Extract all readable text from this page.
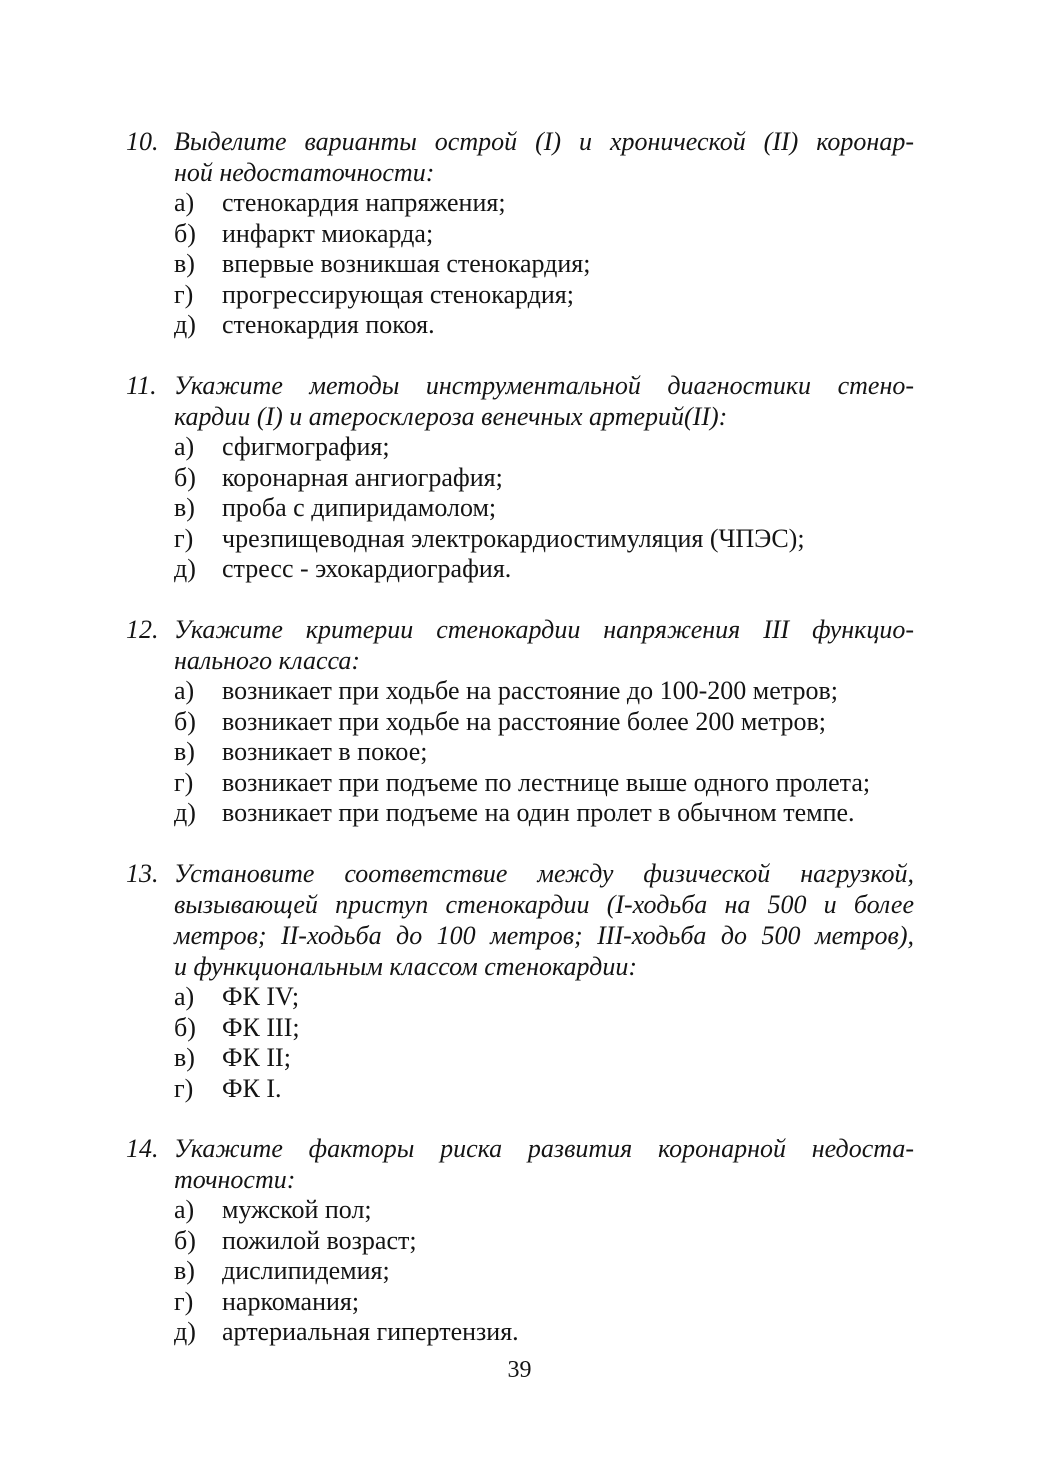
10. Выделите варианты острой (I) и хронической (II) коронар-
ной недостаточности:
а) стенокардия напряжения;
б) инфаркт миокарда;
в) впервые возникшая стенокардия;
г) прогрессирующая стенокардия;
д) стенокардия покоя.
11. Укажите методы инструментальной диагностики стено-
кардии (I) и атеросклероза венечных артерий(II):
а) сфигмография;
б) коронарная ангиография;
в) проба с дипиридамолом;
г) чрезпищеводная электрокардиостимуляция (ЧПЭС);
д) стресс - эхокардиография.
12. Укажите критерии стенокардии напряжения III функцио-
нального класса:
а) возникает при ходьбе на расстояние до 100-200 метров;
б) возникает при ходьбе на расстояние более 200 метров;
в) возникает в покое;
г) возникает при подъеме по лестнице выше одного пролета;
д) возникает при подъеме на один пролет в обычном темпе.
13. Установите соответствие между физической нагрузкой,
вызывающей приступ стенокардии (I-ходьба на 500 и более
метров; II-ходьба до 100 метров; III-ходьба до 500 метров),
и функциональным классом стенокардии:
а) ФК IV;
б) ФК III;
в) ФК II;
г) ФК I.
14. Укажите факторы риска развития коронарной недоста-
точности:
а) мужской пол;
б) пожилой возраст;
в) дислипидемия;
г) наркомания;
д) артериальная гипертензия.
39
